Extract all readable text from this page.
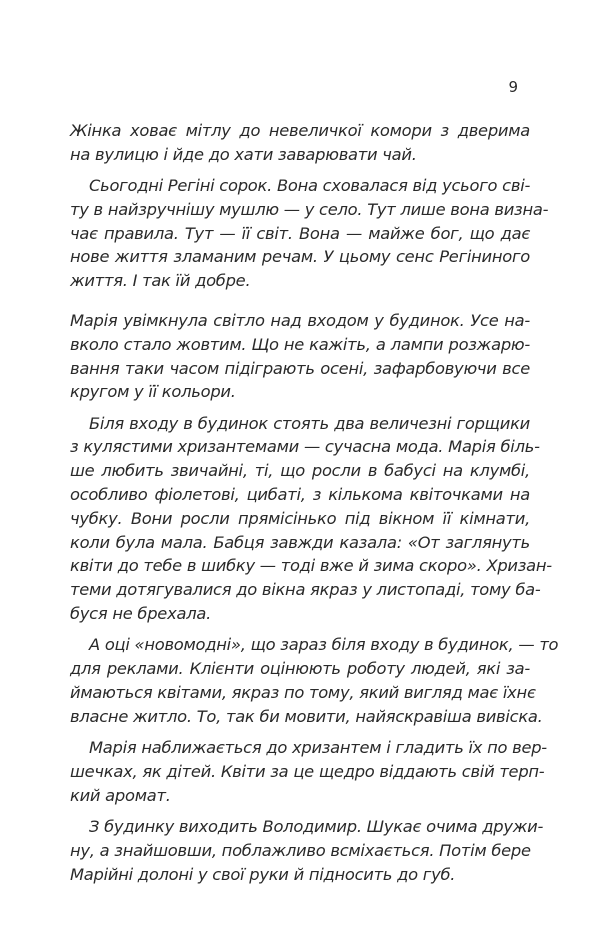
9
Жінка ховає мітлу до невеличкої комори з дверима
на вулицю і йде до хати заварювати чай.
Сьогодні Регіні сорок. Вона сховалася від усього сві-
ту в найзручнішу мушлю — у село. Тут лише вона визна-
чає правила. Тут — її світ. Вона — майже бог, що дає
нове життя зламаним речам. У цьому сенс Регіниного
життя. І так їй добре.
Марія увімкнула світло над входом у будинок. Усе на-
вколо стало жовтим. Що не кажіть, а лампи розжарю-
вання таки часом підіграють осені, зафарбовуючи все
кругом у її кольори.
Біля входу в будинок стоять два величезні горщики
з кулястими хризантемами — сучасна мода. Марія біль-
ше любить звичайні, ті, що росли в бабусі на клумбі,
особливо фіолетові, цибаті, з кількома квіточками на
чубку. Вони росли прямісінько під вікном її кімнати,
коли була мала. Бабця завжди казала: «От заглянуть
квіти до тебе в шибку — тоді вже й зима скоро». Хризан-
теми дотягувалися до вікна якраз у листопаді, тому ба-
буся не брехала.
А оці «новомодні», що зараз біля входу в будинок, — то
для реклами. Клієнти оцінюють роботу людей, які за-
ймаються квітами, якраз по тому, який вигляд має їхнє
власне житло. То, так би мовити, найяскравіша вивіска.
Марія наближається до хризантем і гладить їх по вер-
шечках, як дітей. Квіти за це щедро віддають свій терп-
кий аромат.
З будинку виходить Володимир. Шукає очима дружи-
ну, а знайшовши, поблажливо всміхається. Потім бере
Марійні долоні у свої руки й підносить до губ.
